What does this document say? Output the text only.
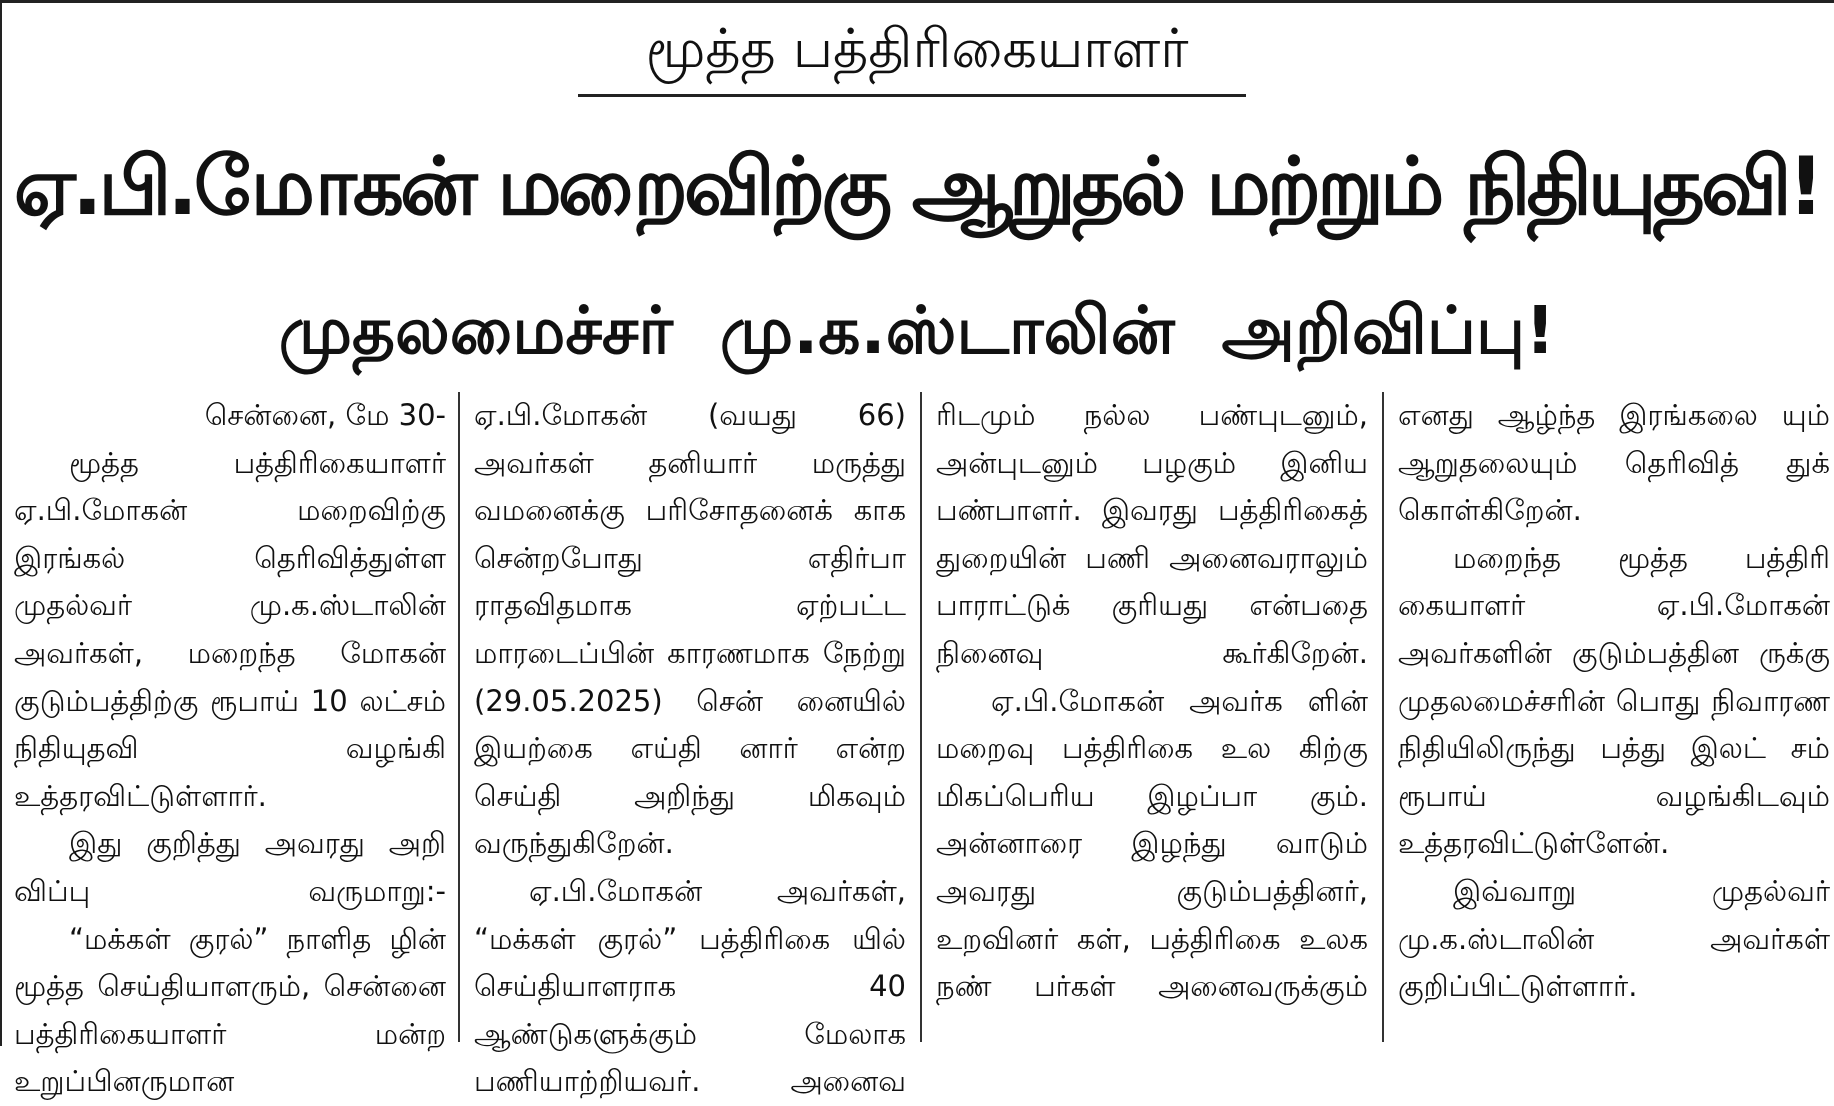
மூத்த பத்திரிகையாளர்
ஏ.பி.மோகன் மறைவிற்கு ஆறுதல் மற்றும் நிதியுதவி!
முதலமைச்சர் மு.க.ஸ்டாலின் அறிவிப்பு!

சென்னை, மே 30-

மூத்த பத்திரிகையாளர் ஏ.பி.மோகன் மறைவிற்கு இரங்கல் தெரிவித்துள்ள முதல்வர் மு.க.ஸ்டாலின் அவர்கள், மறைந்த மோகன் குடும்பத்திற்கு ரூபாய் 10 லட்சம் நிதியுதவி வழங்கி உத்தரவிட்டுள்ளார்.

இது குறித்து அவரது அறி விப்பு வருமாறு:-

“மக்கள் குரல்” நாளித ழின் மூத்த செய்தியாளரும், சென்னை பத்திரிகையாளர் மன்ற உறுப்பினருமான

ஏ.பி.மோகன் (வயது 66) அவர்கள் தனியார் மருத்து வமனைக்கு பரிசோதனைக் காக சென்றபோது எதிர்பா ராதவிதமாக ஏற்பட்ட மாரடைப்பின் காரணமாக நேற்று (29.05.2025) சென் னையில் இயற்கை எய்தி னார் என்ற செய்தி அறிந்து மிகவும் வருந்துகிறேன்.

ஏ.பி.மோகன் அவர்கள், “மக்கள் குரல்” பத்திரிகை யில் செய்தியாளராக 40 ஆண்டுகளுக்கும் மேலாக பணியாற்றியவர். அனைவ

ரிடமும் நல்ல பண்புடனும், அன்புடனும் பழகும் இனிய பண்பாளர். இவரது பத்திரிகைத் துறையின் பணி அனைவராலும் பாராட்டுக் குரியது என்பதை நினைவு கூர்கிறேன்.

ஏ.பி.மோகன் அவர்க ளின் மறைவு பத்திரிகை உல கிற்கு மிகப்பெரிய இழப்பா கும். அன்னாரை இழந்து வாடும் அவரது குடும்பத்தினர், உறவினர் கள், பத்திரிகை உலக நண் பர்கள் அனைவருக்கும்

எனது ஆழ்ந்த இரங்கலை யும் ஆறுதலையும் தெரிவித் துக் கொள்கிறேன்.

மறைந்த மூத்த பத்திரி கையாளர் ஏ.பி.மோகன் அவர்களின் குடும்பத்தின ருக்கு முதலமைச்சரின் பொது நிவாரண நிதியிலிருந்து பத்து இலட் சம் ரூபாய் வழங்கிடவும் உத்தரவிட்டுள்ளேன்.

இவ்வாறு முதல்வர் மு.க.ஸ்டாலின் அவர்கள் குறிப்பிட்டுள்ளார்.
